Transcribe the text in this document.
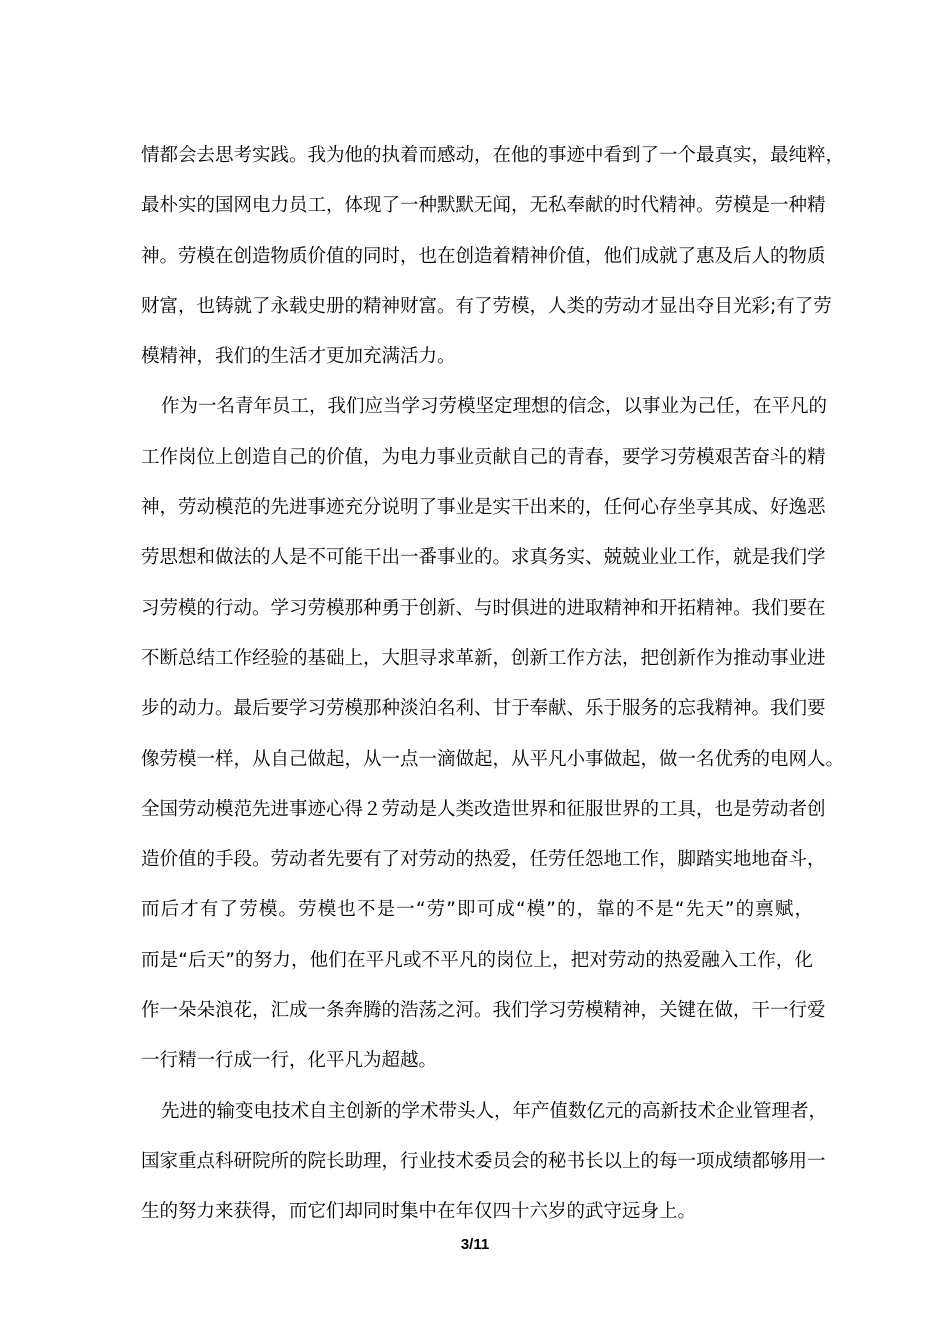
情都会去思考实践。我为他的执着而感动，在他的事迹中看到了一个最真实，最纯粹，
最朴实的国网电力员工，体现了一种默默无闻，无私奉献的时代精神。劳模是一种精
神。劳模在创造物质价值的同时，也在创造着精神价值，他们成就了惠及后人的物质
财富，也铸就了永载史册的精神财富。有了劳模，人类的劳动才显出夺目光彩;有了劳
模精神，我们的生活才更加充满活力。
作为一名青年员工，我们应当学习劳模坚定理想的信念，以事业为己任，在平凡的
工作岗位上创造自己的价值，为电力事业贡献自己的青春，要学习劳模艰苦奋斗的精
神，劳动模范的先进事迹充分说明了事业是实干出来的，任何心存坐享其成、好逸恶
劳思想和做法的人是不可能干出一番事业的。求真务实、兢兢业业工作，就是我们学
习劳模的行动。学习劳模那种勇于创新、与时俱进的进取精神和开拓精神。我们要在
不断总结工作经验的基础上，大胆寻求革新，创新工作方法，把创新作为推动事业进
步的动力。最后要学习劳模那种淡泊名利、甘于奉献、乐于服务的忘我精神。我们要
像劳模一样，从自己做起，从一点一滴做起，从平凡小事做起，做一名优秀的电网人。
全国劳动模范先进事迹心得２劳动是人类改造世界和征服世界的工具，也是劳动者创
造价值的手段。劳动者先要有了对劳动的热爱，任劳任怨地工作，脚踏实地地奋斗，
而后才有了劳模。劳模也不是一“劳”即可成“模”的，靠的不是“先天”的禀赋，
而是“后天”的努力，他们在平凡或不平凡的岗位上，把对劳动的热爱融入工作，化
作一朵朵浪花，汇成一条奔腾的浩荡之河。我们学习劳模精神，关键在做，干一行爱
一行精一行成一行，化平凡为超越。
先进的输变电技术自主创新的学术带头人，年产值数亿元的高新技术企业管理者，
国家重点科研院所的院长助理，行业技术委员会的秘书长以上的每一项成绩都够用一
生的努力来获得，而它们却同时集中在年仅四十六岁的武守远身上。
3/11
